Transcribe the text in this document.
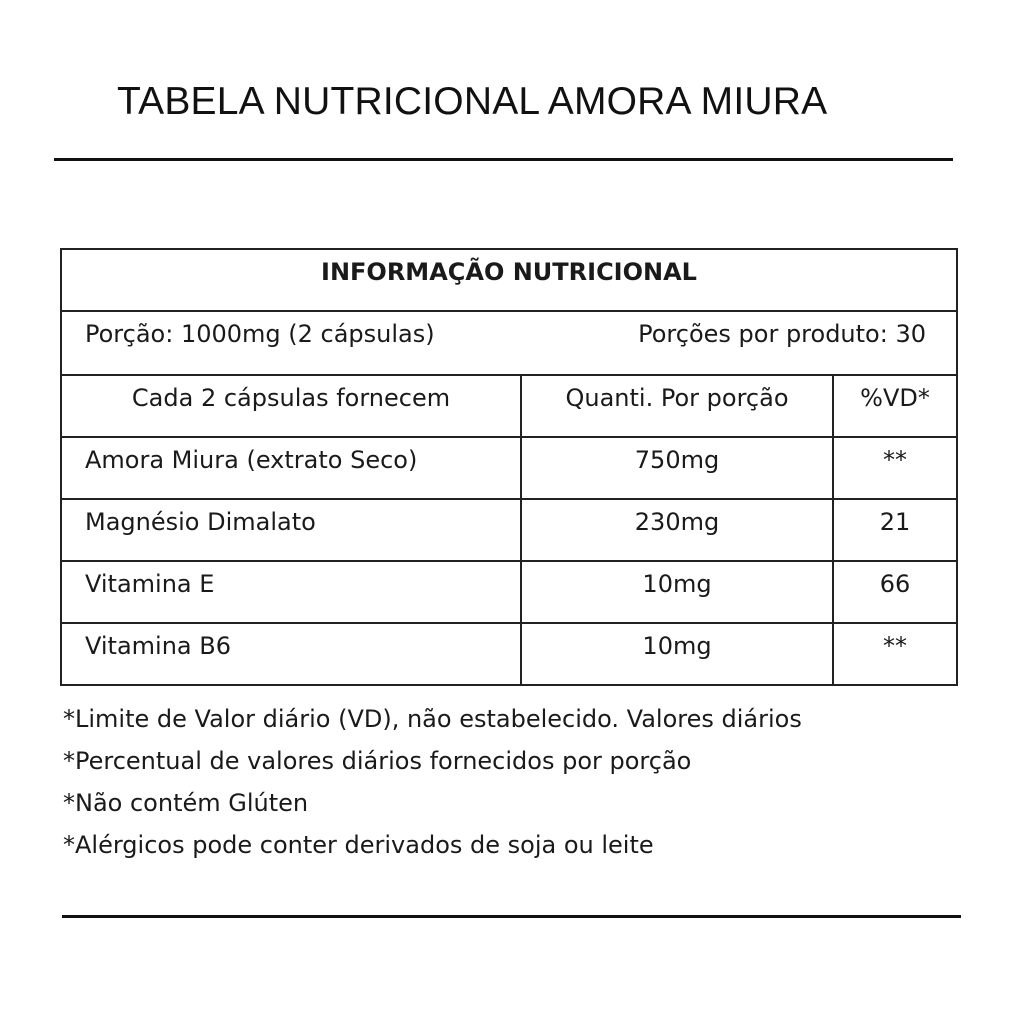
TABELA NUTRICIONAL AMORA MIURA
INFORMAÇÃO NUTRICIONAL		

Porção: 1000mg (2 cápsulas) Porções por produto: 30		

Cada 2 cápsulas fornecem	Quanti. Por porção	%VD*

Amora Miura (extrato Seco)	750mg	**

Magnésio Dimalato	230mg	21

Vitamina E	10mg	66

Vitamina B6	10mg	**
*Limite de Valor diário (VD), não estabelecido. Valores diários
*Percentual de valores diários fornecidos por porção
*Não contém Glúten
*Alérgicos pode conter derivados de soja ou leite
